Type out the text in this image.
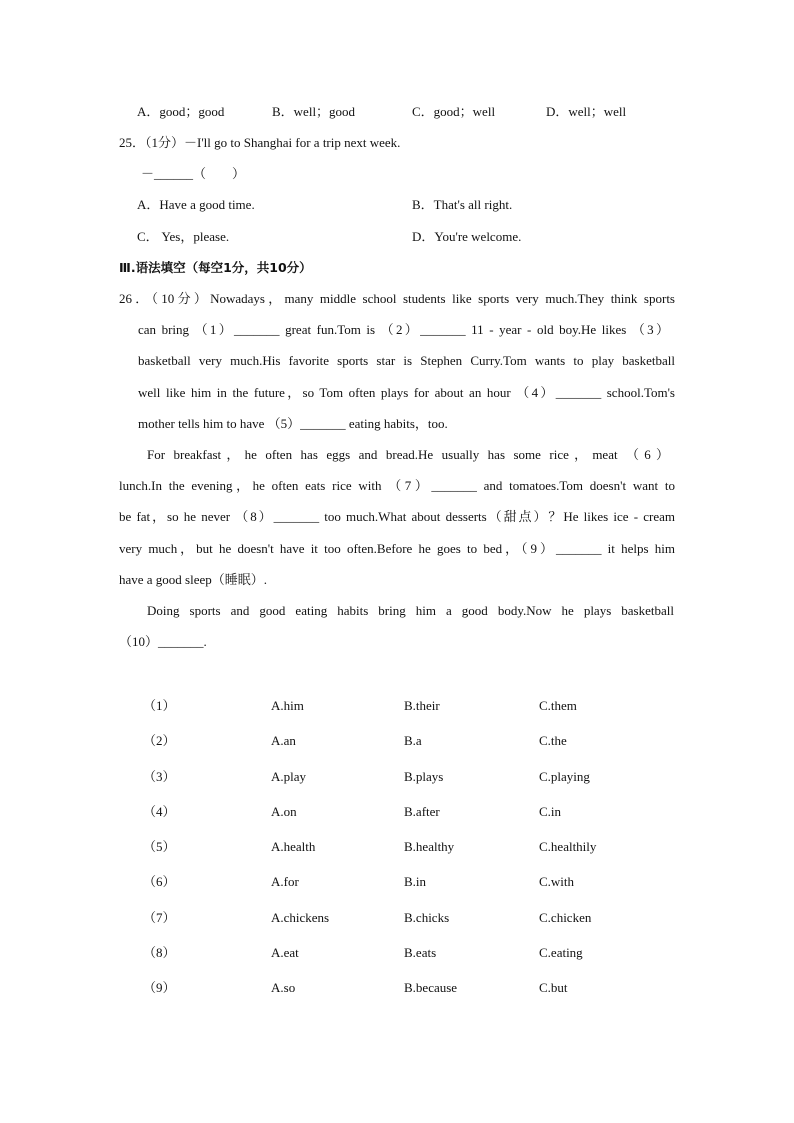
A．good；good	B．well；good	C．good；well	D．well；well
25．（1分）－I'll go to Shanghai for a trip next week.
－______（　　）
A．Have a good time.	B．That's all right.
C． Yes，please.	D．You're welcome.
Ⅲ.语法填空（每空1分，共10分）
26．（10分）Nowadays，many middle school students like sports very much.They think sports
can bring （1）_______ great fun.Tom is （2）_______ 11 - year - old boy.He likes （3）
basketball very much.His favorite sports star is Stephen Curry.Tom wants to play basketball
well like him in the future，so Tom often plays for about an hour （4）_______ school.Tom's
mother tells him to have （5）_______ eating habits，too.
For breakfast，he often has eggs and bread.He usually has some rice，meat （6）
lunch.In the evening，he often eats rice with （7）_______ and tomatoes.Tom doesn't want to
be fat，so he never （8）_______ too much.What about desserts（甜点）？He likes ice - cream
very much，but he doesn't have it too often.Before he goes to bed，（9）_______ it helps him
have a good sleep（睡眠）.
Doing sports and good eating habits bring him a good body.Now he plays basketball
（10）_______.
（1）	A.him	B.their	C.them
（2）	A.an	B.a	C.the
（3）	A.play	B.plays	C.playing
（4）	A.on	B.after	C.in
（5）	A.health	B.healthy	C.healthily
（6）	A.for	B.in	C.with
（7）	A.chickens	B.chicks	C.chicken
（8）	A.eat	B.eats	C.eating
（9）	A.so	B.because	C.but
